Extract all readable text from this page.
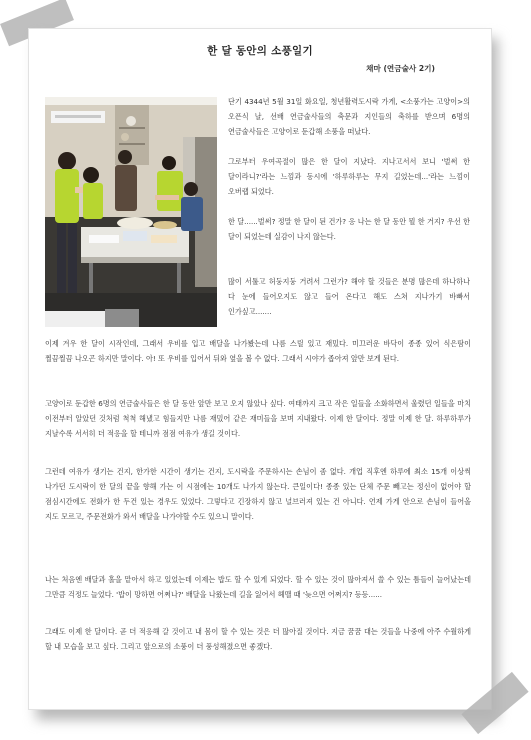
한 달 동안의 소풍일기
채마 (연금술사 2기)

단기 4344년 5월 31일 화요일, 청년활력도시락 가게, <소풍가는 고양이>의 오픈식 날, 선배 연금술사들의 축문과 지인들의 축하를 받으며 6명의 연금술사들은 고양이로 둔갑해 소풍을 떠났다.

그로부터 우여곡절이 많은 한 달이 지났다. 지나고서서 보니 '벌써 한 달이라니?'라는 느낌과 동시에 '하루하루는 무지 길었는데...'라는 느낌이 오버랩 되었다.

한 달......벌써? 정말 한 달이 된 건가? 응 나는 한 달 동안 뭘 한 거지? 우선 한 달이 되었는데 실감이 나지 않는다.

많이 서툴고 허둥지둥 거려서 그런가? 해야 할 것들은 분명 많은데 하나하나 다 눈에 들어오지도 않고 들어 온다고 해도 스쳐 지나가기 바빠서 인가싶고.......

이제 겨우 한 달이 시작인데, 그래서 우비를 입고 배달을 나가봤는데 나름 스릴 있고 재밌다. 미끄러운 바닥이 종종 있어 식은땀이 찔끔찔끔 나오곤 하지만 말이다. 아! 또 우비를 입어서 뒤와 옆을 볼 수 없다. 그래서 시야가 좁아져 앞만 보게 된다.

고양이로 둔갑한 6명의 연금술사들은 한 달 동안 앞만 보고 오지 않았나 싶다. 여태까지 크고 작은 일들을 소화하면서 울렸던 일들을 마치 이전부터 알았던 것처럼 척척 해냈고 힘들지만 나름 재밌어 같은 재미들을 보며 지내왔다. 이제 한 달이다. 정말 이제 한 달. 하루하루가 지날수록 서서히 더 적응을 할 테니까 점점 여유가 생길 것이다.

그런데 여유가 생기는 건지, 한가한 시간이 생기는 건지, 도시락을 주문하시는 손님이 좀 없다. 개업 직후엔 하루에 최소 15개 이상씩 나가던 도시락이 한 달의 끝을 향해 가는 이 시점에는 10개도 나가지 않는다. 큰일이다! 종종 있는 단체 주문 빼고는 정신이 없어야 할 점심시간에도 전화가 한 두건 있는 경우도 있었다. 그렇다고 긴장하지 않고 널브러져 있는 건 아니다. 언제 가게 안으로 손님이 들어올 지도 모르고, 주문전화가 와서 배달을 나가야할 수도 있으니 말이다.

나는 처음엔 배달과 홀을 맡아서 하고 있었는데 이제는 밥도 할 수 있게 되었다. 할 수 있는 것이 많아져서 쓸 수 있는 틈들이 늘어났는데 그만큼 걱정도 늘었다. '밥이 망하면 어쩌나?' 배달을 나왔는데 길을 잃어서 헤맬 때 '늦으면 어쩌지? 등등......

그래도 이제 한 달이다. 곧 더 적응해 갈 것이고 내 몸이 할 수 있는 것은 더 많아질 것이다. 지금 꿈꿈 대는 것들을 나중에 아주 수월하게 할 내 모습을 보고 싶다. 그리고 앞으로의 소풍이 더 풍성해졌으면 좋겠다.
